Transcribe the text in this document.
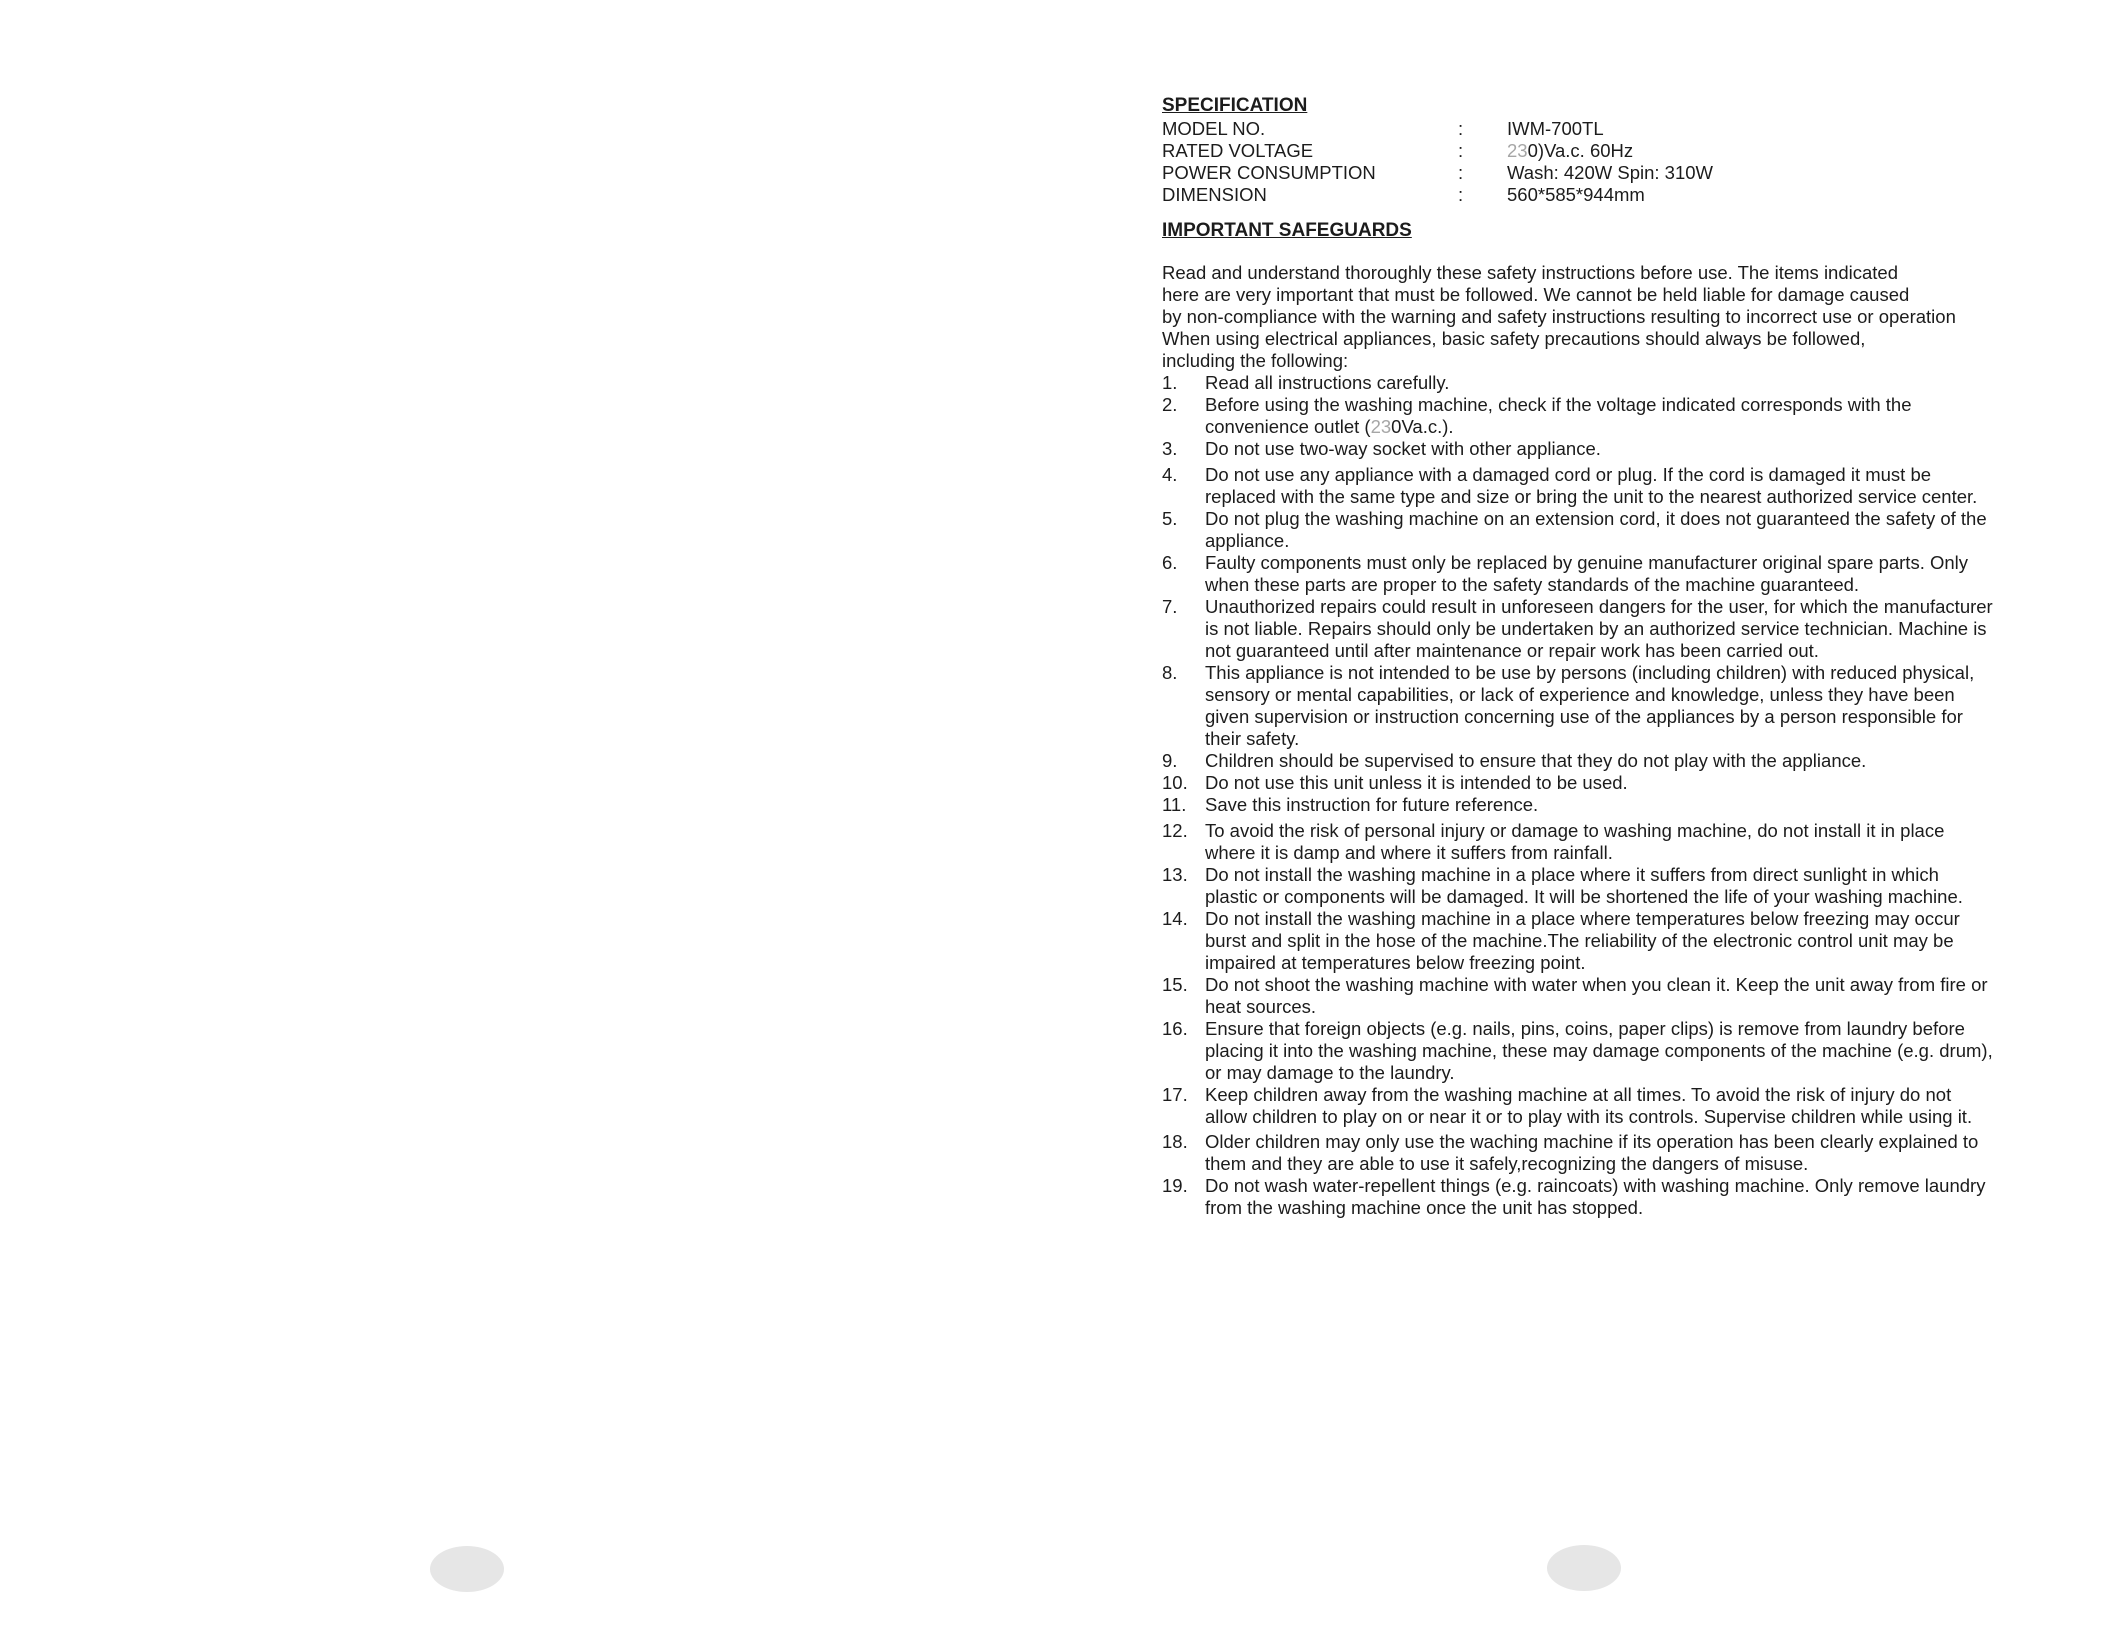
SPECIFICATION
MODEL NO.	:	IWM-700TL
RATED VOLTAGE	:	230)Va.c. 60Hz
POWER CONSUMPTION	:	Wash: 420W Spin: 310W
DIMENSION	:	560*585*944mm
IMPORTANT SAFEGUARDS

Read and understand thoroughly these safety instructions before use. The items indicated

here are very important that must be followed. We cannot be held liable for damage caused

by non-compliance with the warning and safety instructions resulting to incorrect use or operation

When using electrical appliances, basic safety precautions should always be followed,

including the following:

1.	Read all instructions carefully.
2.	Before using the washing machine, check if the voltage indicated corresponds with the convenience outlet (230Va.c.).
3.	Do not use two-way socket with other appliance.
4.	Do not use any appliance with a damaged cord or plug. If the cord is damaged it must be replaced with the same type and size or bring the unit to the nearest authorized service center.
5.	Do not plug the washing machine on an extension cord, it does not guaranteed the safety of the appliance.
6.	Faulty components must only be replaced by genuine manufacturer original spare parts. Only when these parts are proper to the safety standards of the machine guaranteed.
7.	Unauthorized repairs could result in unforeseen dangers for the user, for which the manufacturer is not liable. Repairs should only be undertaken by an authorized service technician. Machine is not guaranteed until after maintenance or repair work has been carried out.
8.	This appliance is not intended to be use by persons (including children) with reduced physical, sensory or mental capabilities, or lack of experience and knowledge, unless they have been given supervision or instruction concerning use of the appliances by a person responsible for their safety.
9.	Children should be supervised to ensure that they do not play with the appliance.
10. Do not use this unit unless it is intended to be used.
11.	Save this instruction for future reference.
12. To avoid the risk of personal injury or damage to washing machine, do not install it in place where it is damp and where it suffers from rainfall.
13. Do not install the washing machine in a place where it suffers from direct sunlight in which plastic or components will be damaged. It will be shortened the life of your washing machine.
14. Do not install the washing machine in a place where temperatures below freezing may occur burst and split in the hose of the machine.The reliability of the electronic control unit may be impaired at temperatures below freezing point.
15. Do not shoot the washing machine with water when you clean it. Keep the unit away from fire or heat sources.
16. Ensure that foreign objects (e.g. nails, pins, coins, paper clips) is remove from laundry before placing it into the washing machine, these may damage components of the machine (e.g. drum), or may damage to the laundry.
17. Keep children away from the washing machine at all times. To avoid the risk of injury do not allow children to play on or near it or to play with its controls. Supervise children while using it.
18. Older children may only use the waching machine if its operation has been clearly explained to them and they are able to use it safely,recognizing the dangers of misuse.
19. Do not wash water-repellent things (e.g. raincoats) with washing machine. Only remove laundry from the washing machine once the unit has stopped.
